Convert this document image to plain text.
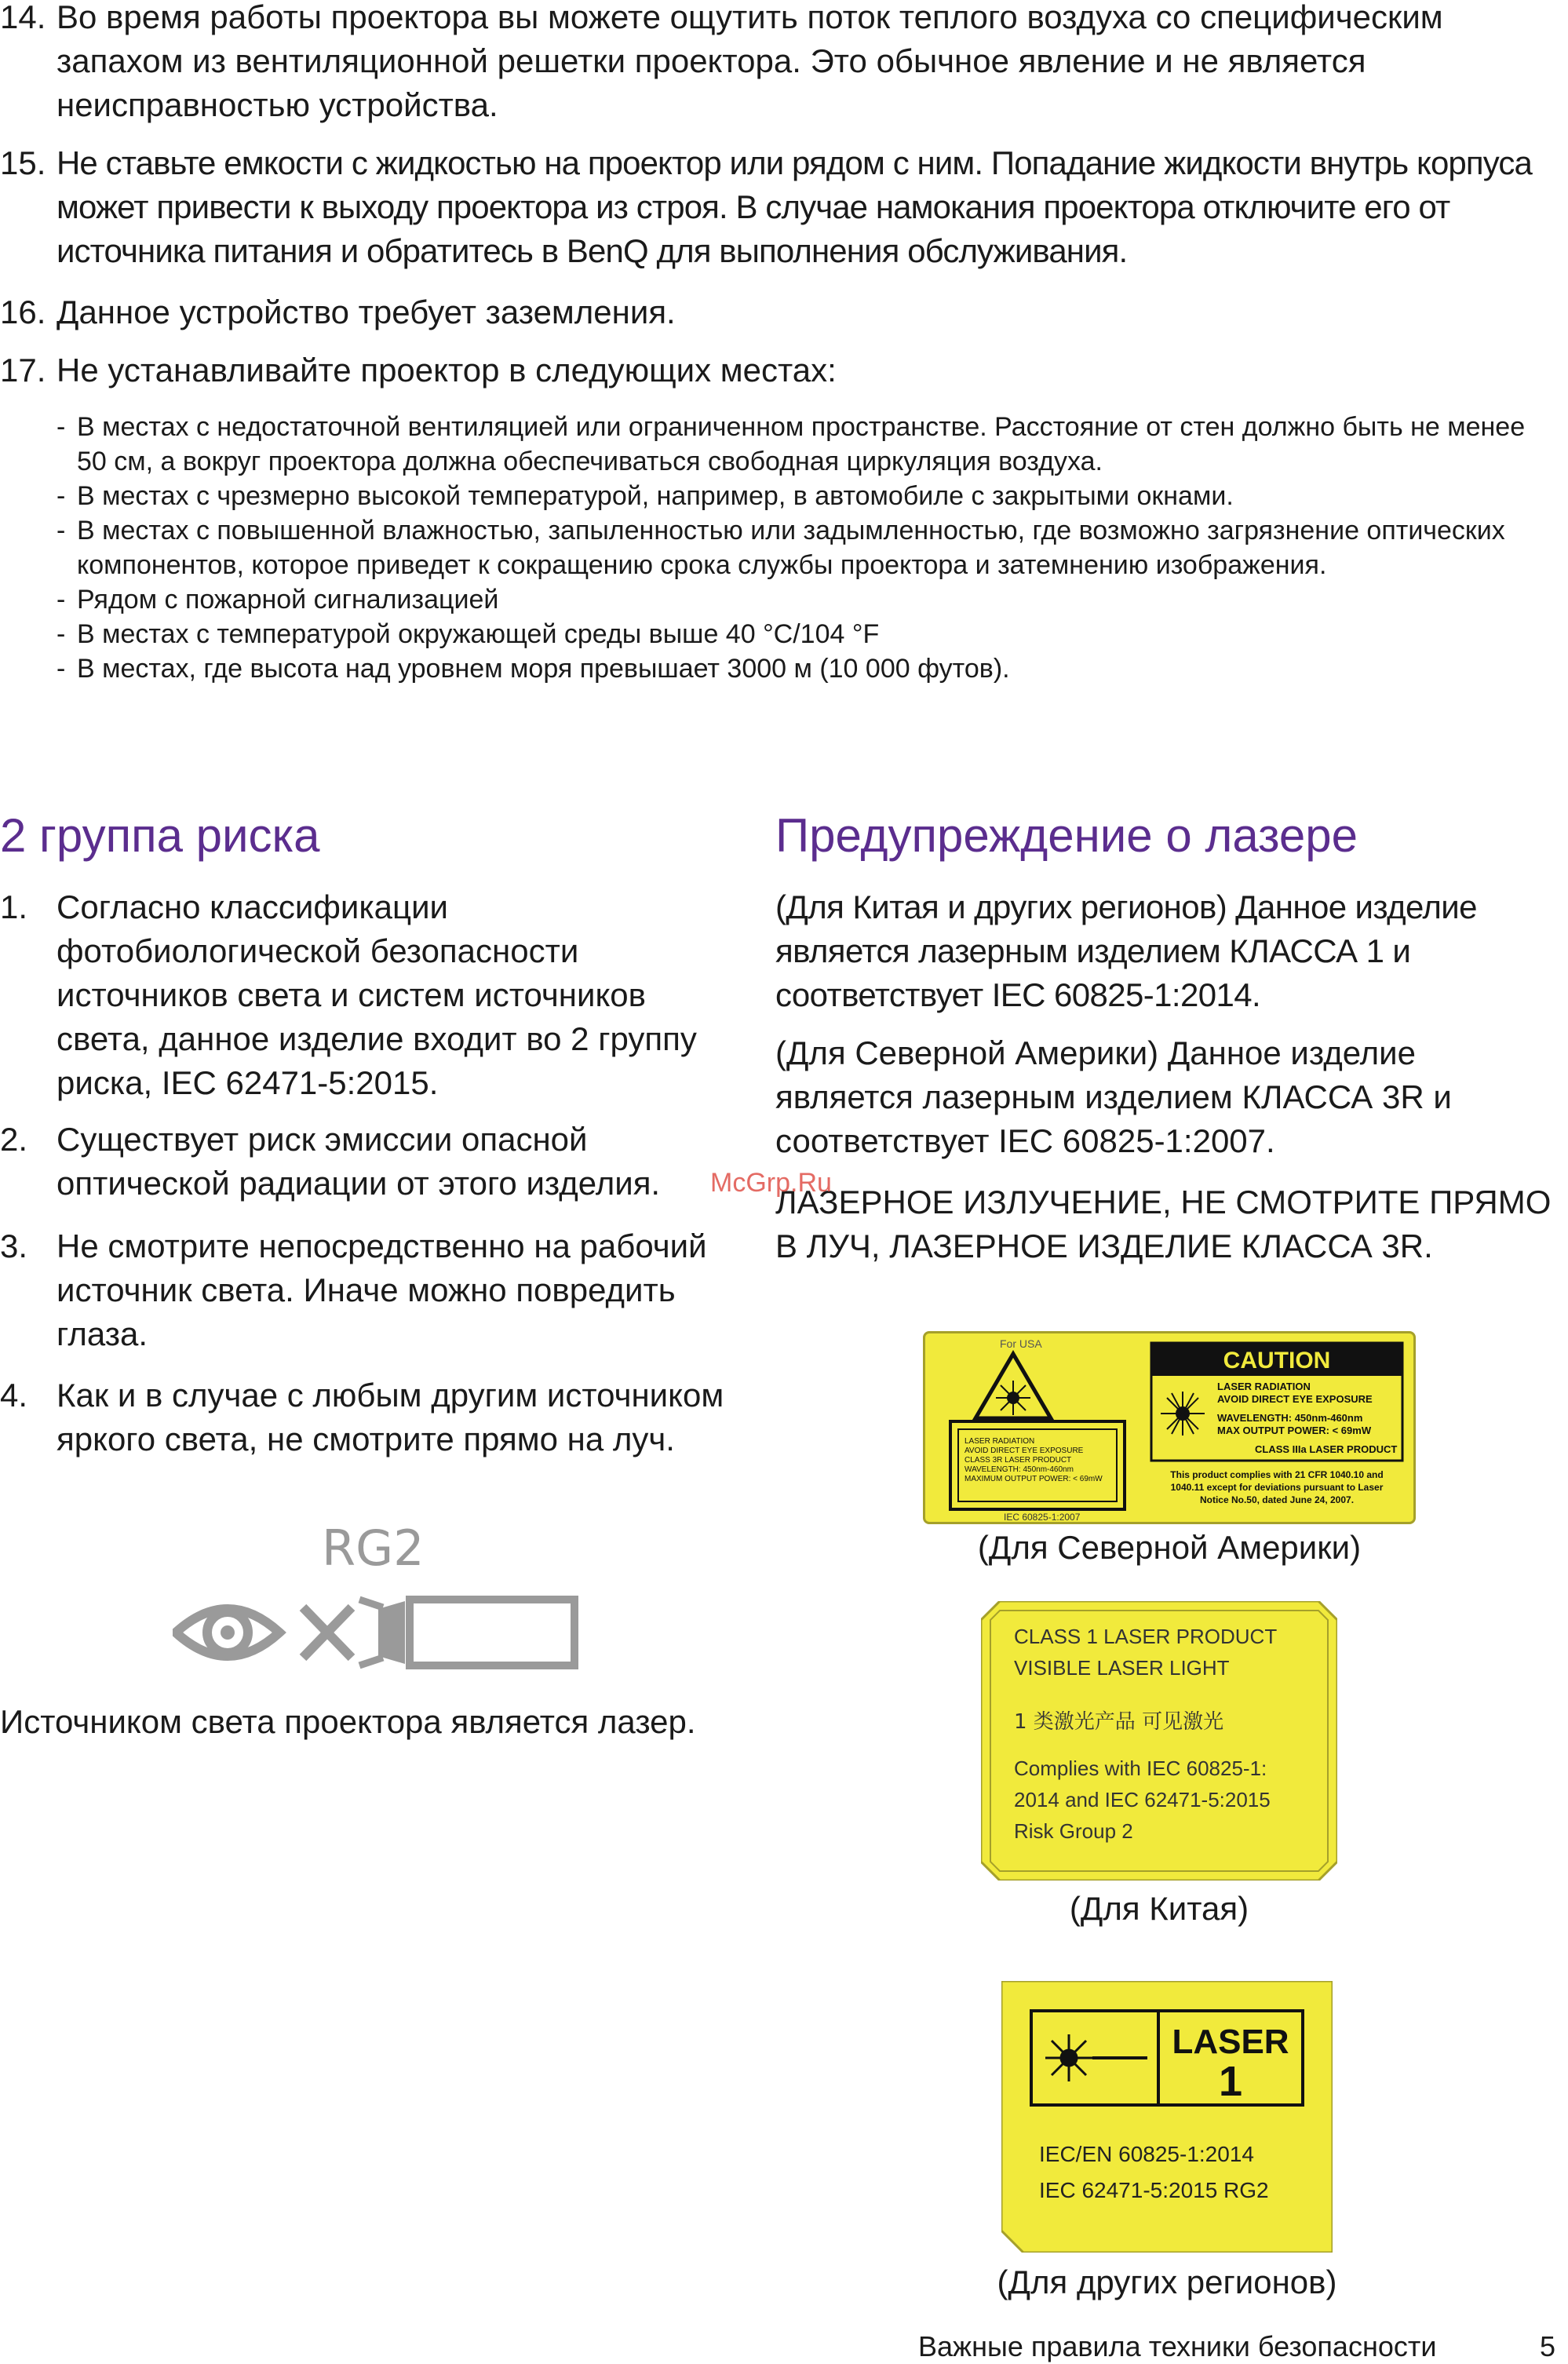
14. Во время работы проектора вы можете ощутить поток теплого воздуха со специфическим запахом из вентиляционной решетки проектора. Это обычное явление и не является неисправностью устройства.
15. Не ставьте емкости с жидкостью на проектор или рядом с ним. Попадание жидкости внутрь корпуса может привести к выходу проектора из строя. В случае намокания проектора отключите его от источника питания и обратитесь в BenQ для выполнения обслуживания.
16. Данное устройство требует заземления.
17. Не устанавливайте проектор в следующих местах:
- В местах с недостаточной вентиляцией или ограниченном пространстве. Расстояние от стен должно быть не менее 50 см, а вокруг проектора должна обеспечиваться свободная циркуляция воздуха.
- В местах с чрезмерно высокой температурой, например, в автомобиле с закрытыми окнами.
- В местах с повышенной влажностью, запыленностью или задымленностью, где возможно загрязнение оптических компонентов, которое приведет к сокращению срока службы проектора и затемнению изображения.
- Рядом с пожарной сигнализацией
- В местах с температурой окружающей среды выше 40 °C/104 °F
- В местах, где высота над уровнем моря превышает 3000 м (10 000 футов).
2 группа риска
1. Согласно классификации фотобиологической безопасности источников света и систем источников света, данное изделие входит во 2 группу риска, IEC 62471-5:2015.
2. Существует риск эмиссии опасной оптической радиации от этого изделия.
3. Не смотрите непосредственно на рабочий источник света. Иначе можно повредить глаза.
4. Как и в случае с любым другим источником яркого света, не смотрите прямо на луч.
RG2
Источником света проектора является лазер.
Предупреждение о лазере
(Для Китая и других регионов) Данное изделие является лазерным изделием КЛАССА 1 и соответствует IEC 60825-1:2014.
(Для Северной Америки) Данное изделие является лазерным изделием КЛАССА 3R и соответствует IEC 60825-1:2007.
ЛАЗЕРНОЕ ИЗЛУЧЕНИЕ, НЕ СМОТРИТЕ ПРЯМО В ЛУЧ, ЛАЗЕРНОЕ ИЗДЕЛИЕ КЛАССА 3R.
McGrp.Ru
For USA
LASER RADIATION
AVOID DIRECT EYE EXPOSURE
CLASS 3R LASER PRODUCT
WAVELENGTH: 450nm-460nm
MAXIMUM OUTPUT POWER: < 69mW
IEC 60825-1:2007
CAUTION
LASER RADIATION
AVOID DIRECT EYE EXPOSURE
WAVELENGTH: 450nm-460nm
MAX OUTPUT POWER: < 69mW
CLASS IIIa LASER PRODUCT
This product complies with 21 CFR 1040.10 and
1040.11 except for deviations pursuant to Laser
Notice No.50, dated June 24, 2007.
(Для Северной Америки)
CLASS 1 LASER PRODUCT
VISIBLE LASER LIGHT
1 类激光产品 可见激光
Complies with IEC 60825-1:
2014 and IEC 62471-5:2015
Risk Group 2
(Для Китая)
LASER
1
IEC/EN 60825-1:2014
IEC 62471-5:2015 RG2
(Для других регионов)
Важные правила техники безопасности	5
